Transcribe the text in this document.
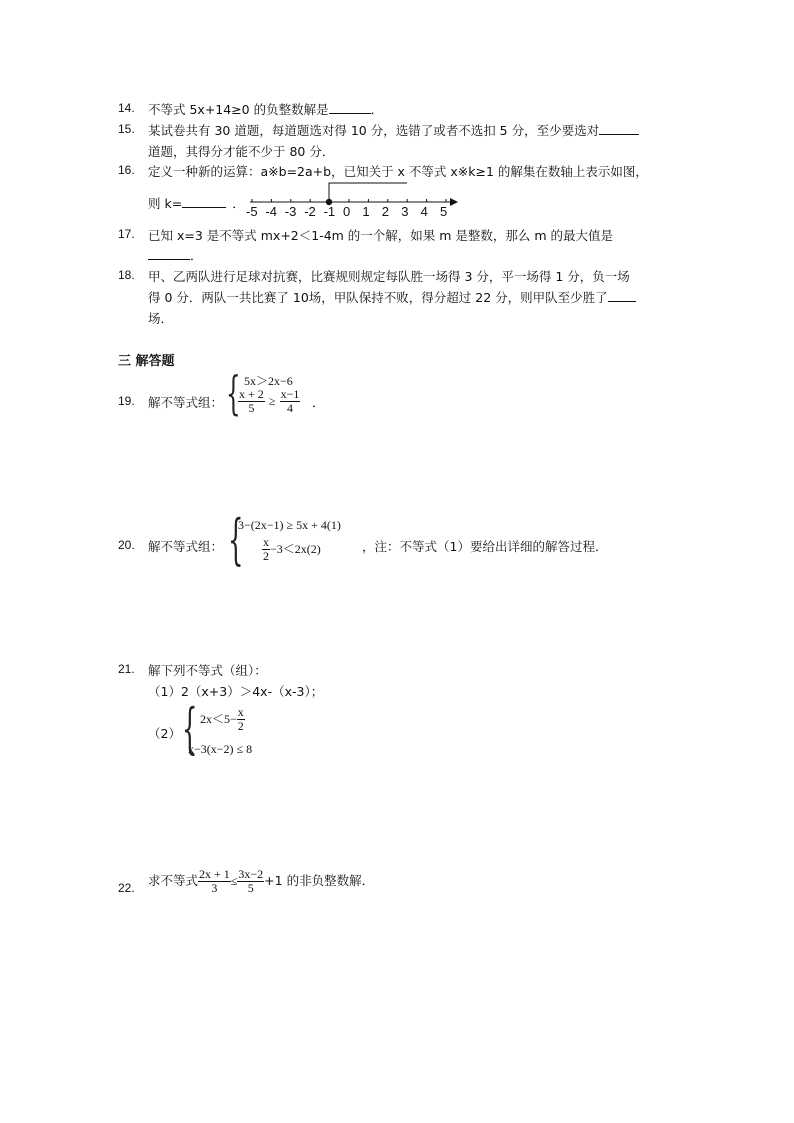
14. 不等式 5x+14≥0 的负整数解是	．
15. 某试卷共有 30 道题，每道题选对得 10 分，选错了或者不选扣 5 分，至少要选对
道题，其得分才能不少于 80 分．
16. 定义一种新的运算：a※b=2a+b，已知关于 x 不等式 x※k≥1 的解集在数轴上表示如图，
则 k=	．
-5 -4 -3 -2 -1 0 1 2 3 4 5
17. 已知 x=3 是不等式 mx+2＜1-4m 的一个解，如果 m 是整数，那么 m 的最大值是
．
18. 甲、乙两队进行足球对抗赛，比赛规则规定每队胜一场得 3 分，平一场得 1 分，负一场
得 0 分．两队一共比赛了 10场，甲队保持不败，得分超过 22 分，则甲队至少胜了
场．
三 解答题
19. 解不等式组： { 5x＞2x−6
$\frac{x + 2}{5} \ge \frac{x-1}{4}$ ．
20. 解不等式组： {
3−(2x−1) ≥ 5x + 4(1)
$\frac{x}{2} -3<2x(2)$	，注：不等式（1）要给出详细的解答过程．
21. 解下列不等式（组）：
（1）2（x+3）＞4x-（x-3）；
（2） { $2x<5- \frac{x}{2}$
x−3(x−2) ≤ 8
22. 求不等式 $\frac{2x + 1}{3} \le \frac{3x-2}{5} +1$ 的非负整数解．
